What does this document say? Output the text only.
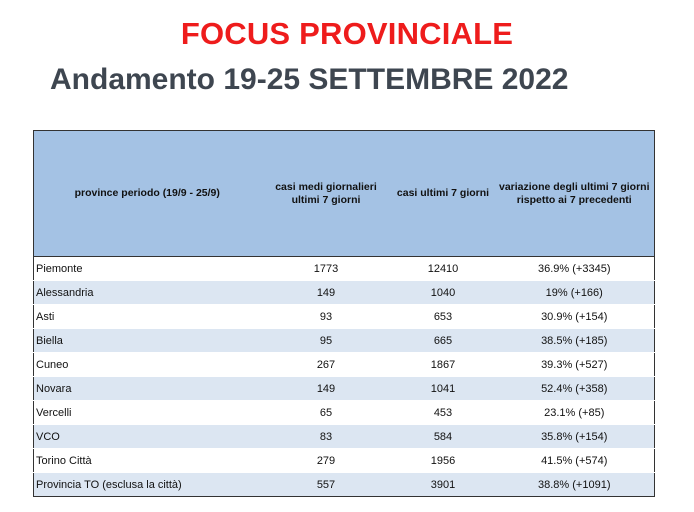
FOCUS PROVINCIALE
Andamento 19-25 SETTEMBRE 2022
province periodo (19/9 - 25/9)	casi medi giornalieri ultimi 7 giorni	casi ultimi 7 giorni	variazione degli ultimi 7 giorni rispetto ai 7 precedenti
Piemonte	1773	12410	36.9% (+3345)
Alessandria	149	1040	19% (+166)
Asti	93	653	30.9% (+154)
Biella	95	665	38.5% (+185)
Cuneo	267	1867	39.3% (+527)
Novara	149	1041	52.4% (+358)
Vercelli	65	453	23.1% (+85)
VCO	83	584	35.8% (+154)
Torino Città	279	1956	41.5% (+574)
Provincia TO (esclusa la città)	557	3901	38.8% (+1091)
